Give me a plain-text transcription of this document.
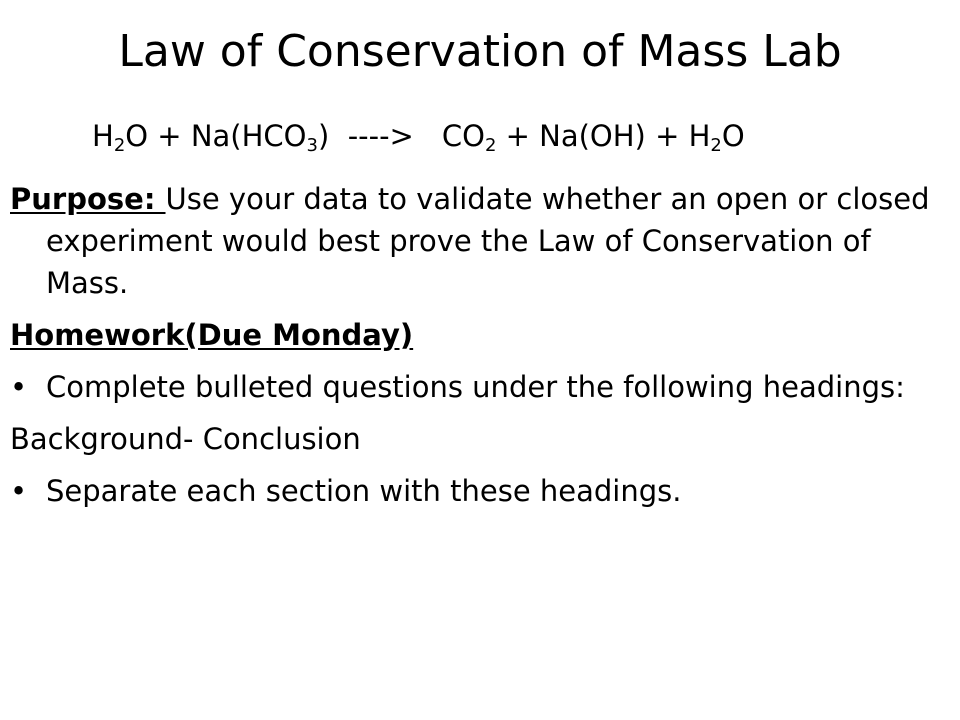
Law of Conservation of Mass Lab
$H_2O + Na(HCO_3)$  ----> $CO_2 + Na(OH) + H_2O$

Purpose: Use your data to validate whether an open or closed experiment would best prove the Law of Conservation of Mass.

Homework(Due Monday)

• Complete bulleted questions under the following headings:

Background- Conclusion

• Separate each section with these headings.
